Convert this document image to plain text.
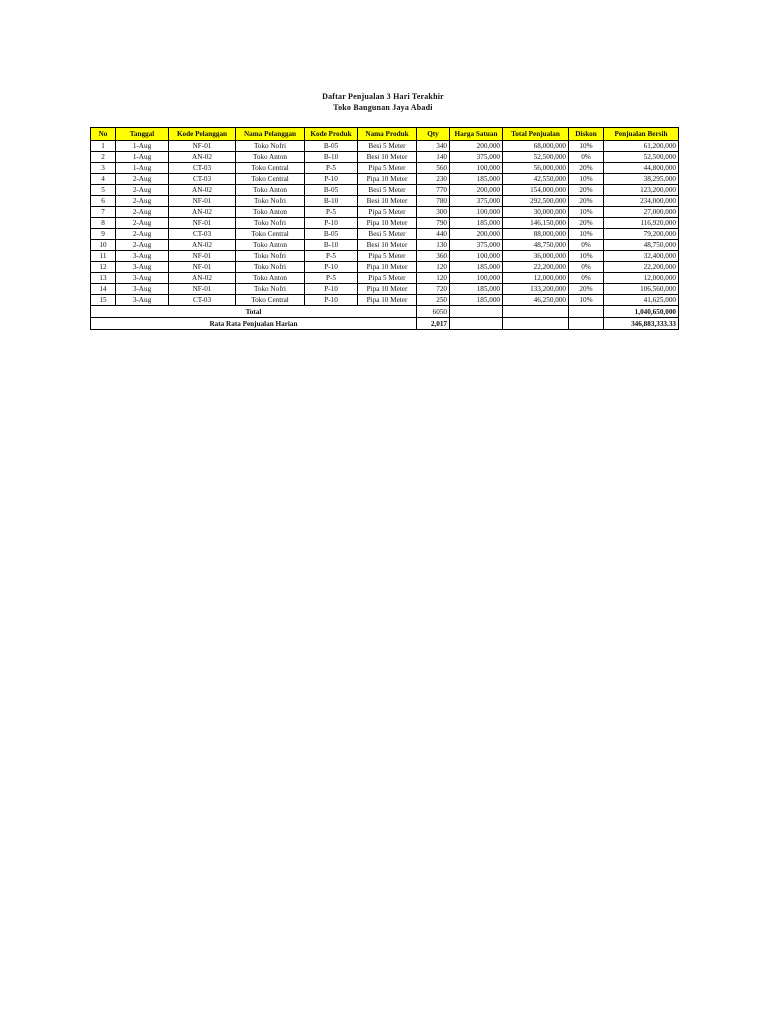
Daftar Penjualan 3 Hari Terakhir
Toko Bangunan Jaya Abadi
No	Tanggal	Kode Pelanggan	Nama Pelanggan	Kode Produk	Nama Produk	Qty	Harga Satuan	Total Penjualan	Diskon	Penjualan Bersih
1	1-Aug	NF-01	Toko Nofri	B-05	Besi 5 Meter	340	200,000	68,000,000	10%	61,200,000
2	1-Aug	AN-02	Toko Anton	B-10	Besi 10 Meter	140	375,000	52,500,000	0%	52,500,000
3	1-Aug	CT-03	Toko Central	P-5	Pipa 5 Meter	560	100,000	56,000,000	20%	44,800,000
4	2-Aug	CT-03	Toko Central	P-10	Pipa 10 Meter	230	185,000	42,550,000	10%	38,295,000
5	2-Aug	AN-02	Toko Anton	B-05	Besi 5 Meter	770	200,000	154,000,000	20%	123,200,000
6	2-Aug	NF-01	Toko Nofri	B-10	Besi 10 Meter	780	375,000	292,500,000	20%	234,000,000
7	2-Aug	AN-02	Toko Anton	P-5	Pipa 5 Meter	300	100,000	30,000,000	10%	27,000,000
8	2-Aug	NF-01	Toko Nofri	P-10	Pipa 10 Meter	790	185,000	146,150,000	20%	116,920,000
9	2-Aug	CT-03	Toko Central	B-05	Besi 5 Meter	440	200,000	88,000,000	10%	79,200,000
10	2-Aug	AN-02	Toko Anton	B-10	Besi 10 Meter	130	375,000	48,750,000	0%	48,750,000
11	3-Aug	NF-01	Toko Nofri	P-5	Pipa 5 Meter	360	100,000	36,000,000	10%	32,400,000
12	3-Aug	NF-01	Toko Nofri	P-10	Pipa 10 Meter	120	185,000	22,200,000	0%	22,200,000
13	3-Aug	AN-02	Toko Anton	P-5	Pipa 5 Meter	120	100,000	12,000,000	0%	12,000,000
14	3-Aug	NF-01	Toko Nofri	P-10	Pipa 10 Meter	720	185,000	133,200,000	20%	106,560,000
15	3-Aug	CT-03	Toko Central	P-10	Pipa 10 Meter	250	185,000	46,250,000	10%	41,625,000
Total						6050				1,040,650,000
Rata Rata Penjualan Harian						2,017				346,883,333.33
